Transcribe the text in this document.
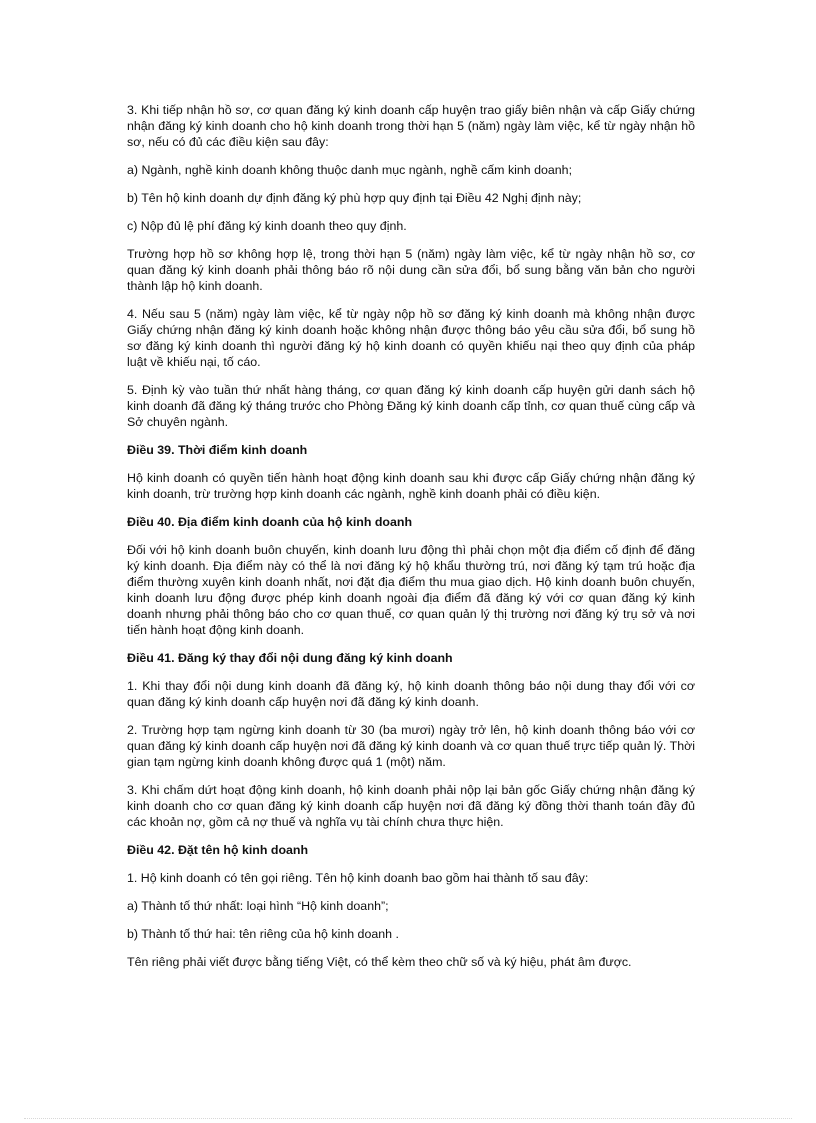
3. Khi tiếp nhận hồ sơ, cơ quan đăng ký kinh doanh cấp huyện trao giấy biên nhận và cấp Giấy chứng nhận đăng ký kinh doanh cho hộ kinh doanh trong thời hạn 5 (năm) ngày làm việc, kể từ ngày nhận hồ sơ, nếu có đủ các điều kiện sau đây:

a) Ngành, nghề kinh doanh không thuộc danh mục ngành, nghề cấm kinh doanh;

b) Tên hộ kinh doanh dự định đăng ký phù hợp quy định tại Điều 42 Nghị định này;

c) Nộp đủ lệ phí đăng ký kinh doanh theo quy định.

Trường hợp hồ sơ không hợp lệ, trong thời hạn 5 (năm) ngày làm việc, kể từ ngày nhận hồ sơ, cơ quan đăng ký kinh doanh phải thông báo rõ nội dung cần sửa đổi, bổ sung bằng văn bản cho người thành lập hộ kinh doanh.

4. Nếu sau 5 (năm) ngày làm việc, kể từ ngày nộp hồ sơ đăng ký kinh doanh mà không nhận được Giấy chứng nhận đăng ký kinh doanh hoặc không nhận được thông báo yêu cầu sửa đổi, bổ sung hồ sơ đăng ký kinh doanh thì người đăng ký hộ kinh doanh có quyền khiếu nại theo quy định của pháp luật về khiếu nại, tố cáo.

5. Định kỳ vào tuần thứ nhất hàng tháng, cơ quan đăng ký kinh doanh cấp huyện gửi danh sách hộ kinh doanh đã đăng ký tháng trước cho Phòng Đăng ký kinh doanh cấp tỉnh, cơ quan thuế cùng cấp và Sở chuyên ngành.

Điều 39. Thời điểm kinh doanh

Hộ kinh doanh có quyền tiến hành hoạt động kinh doanh sau khi được cấp Giấy chứng nhận đăng ký kinh doanh, trừ trường hợp kinh doanh các ngành, nghề kinh doanh phải có điều kiện.

Điều 40. Địa điểm kinh doanh của hộ kinh doanh

Đối với hộ kinh doanh buôn chuyến, kinh doanh lưu động thì phải chọn một địa điểm cố định để đăng ký kinh doanh. Địa điểm này có thể là nơi đăng ký hộ khẩu thường trú, nơi đăng ký tạm trú hoặc địa điểm thường xuyên kinh doanh nhất, nơi đặt địa điểm thu mua giao dịch. Hộ kinh doanh buôn chuyến, kinh doanh lưu động được phép kinh doanh ngoài địa điểm đã đăng ký với cơ quan đăng ký kinh doanh nhưng phải thông báo cho cơ quan thuế, cơ quan quản lý thị trường nơi đăng ký trụ sở và nơi tiến hành hoạt động kinh doanh.

Điều 41. Đăng ký thay đổi nội dung đăng ký kinh doanh

1. Khi thay đổi nội dung kinh doanh đã đăng ký, hộ kinh doanh thông báo nội dung thay đổi với cơ quan đăng ký kinh doanh cấp huyện nơi đã đăng ký kinh doanh.

2. Trường hợp tạm ngừng kinh doanh từ 30 (ba mươi) ngày trở lên, hộ kinh doanh thông báo với cơ quan đăng ký kinh doanh cấp huyện nơi đã đăng ký kinh doanh và cơ quan thuế trực tiếp quản lý. Thời gian tạm ngừng kinh doanh không được quá 1 (một) năm.

3. Khi chấm dứt hoạt động kinh doanh, hộ kinh doanh phải nộp lại bản gốc Giấy chứng nhận đăng ký kinh doanh cho cơ quan đăng ký kinh doanh cấp huyện nơi đã đăng ký đồng thời thanh toán đầy đủ các khoản nợ, gồm cả nợ thuế và nghĩa vụ tài chính chưa thực hiện.

Điều 42. Đặt tên hộ kinh doanh

1. Hộ kinh doanh có tên gọi riêng. Tên hộ kinh doanh bao gồm hai thành tố sau đây:

a) Thành tố thứ nhất: loại hình “Hộ kinh doanh”;

b) Thành tố thứ hai: tên riêng của hộ kinh doanh .

Tên riêng phải viết được bằng tiếng Việt, có thể kèm theo chữ số và ký hiệu, phát âm được.
